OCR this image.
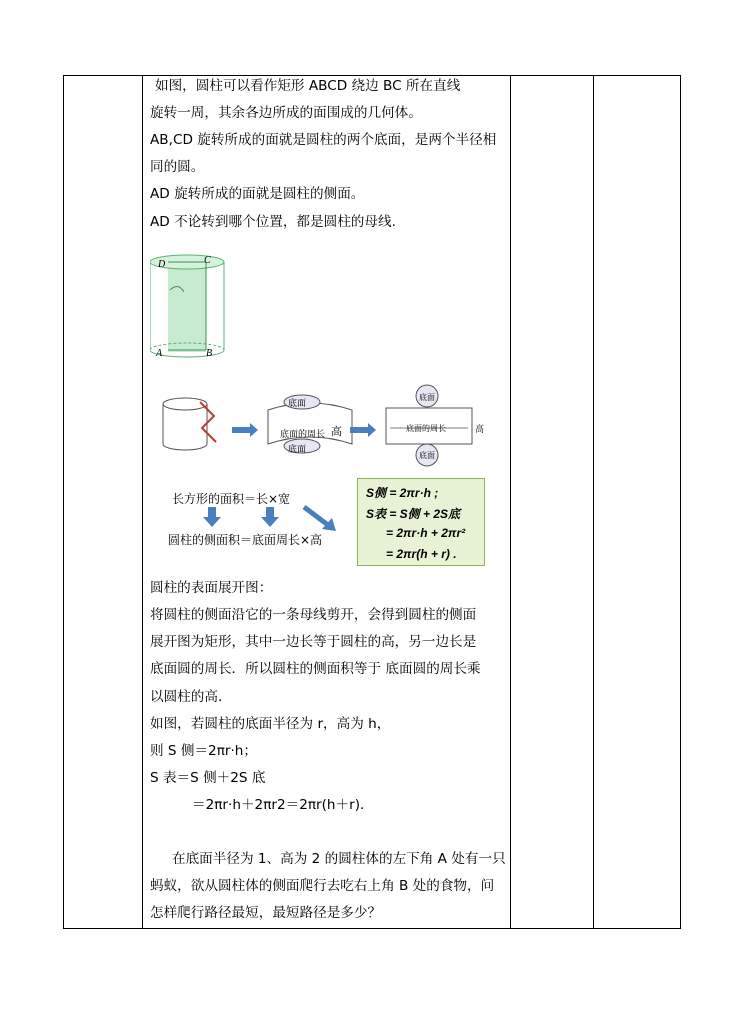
如图，圆柱可以看作矩形 ABCD 绕边 BC 所在直线
旋转一周，其余各边所成的面围成的几何体。
AB,CD 旋转所成的面就是圆柱的两个底面，是两个半径相
同的圆。
AD 旋转所成的面就是圆柱的侧面。
AD 不论转到哪个位置，都是圆柱的母线.
D	C
A	B
底面
底面的周长
底面
高
底面
底面的周长
底面
高
长方形的面积＝长×宽
圆柱的侧面积＝底面周长×高
S侧 = 2πr·h ;
S表 = S侧 + 2S底
= 2πr·h + 2πr²
= 2πr(h + r) .
圆柱的表面展开图：
将圆柱的侧面沿它的一条母线剪开，会得到圆柱的侧面
展开图为矩形，其中一边长等于圆柱的高，另一边长是
底面圆的周长．所以圆柱的侧面积等于 底面圆的周长乘
以圆柱的高．
如图，若圆柱的底面半径为 r，高为 h，
则 S 侧＝2πr·h；
S 表＝S 侧＋2S 底
＝2πr·h＋2πr2＝2πr(h＋r)．
在底面半径为 1、高为 2 的圆柱体的左下角 A 处有一只
蚂蚁，欲从圆柱体的侧面爬行去吃右上角 B 处的食物，问
怎样爬行路径最短，最短路径是多少？
